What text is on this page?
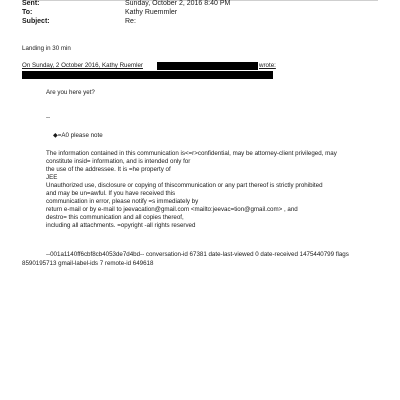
Sent:	Sunday, October 2, 2016 8:40 PM
To:	Kathy Ruemmler
Subject:	Re:
Landing in 30 min
On Sunday, 2 October 2016, Kathy Ruemler	wrote:
Are you here yet?
--
◆=A0 please note
The information contained in this communication is<=r>confidential, may be attorney-client privileged, may
constitute insid= information, and is intended only for
the use of the addressee. It is =he property of
JEE
Unauthorized use, disclosure or copying of thiscommunication or any part thereof is strictly prohibited
and may be un=awful. If you have received this
communication in error, please notify =s immediately by
return e-mail or by e-mail to jeevacation@gmail.com <mailto:jeevac=tion@gmail.com> , and
destro= this communication and all copies thereof,
including all attachments. =opyright -all rights reserved
--001a1140ff6cbf8cb4053de7d4bd-- conversation-id 67381 date-last-viewed 0 date-received 1475440799 flags
8590195713 gmail-label-ids 7 remote-id 649618
